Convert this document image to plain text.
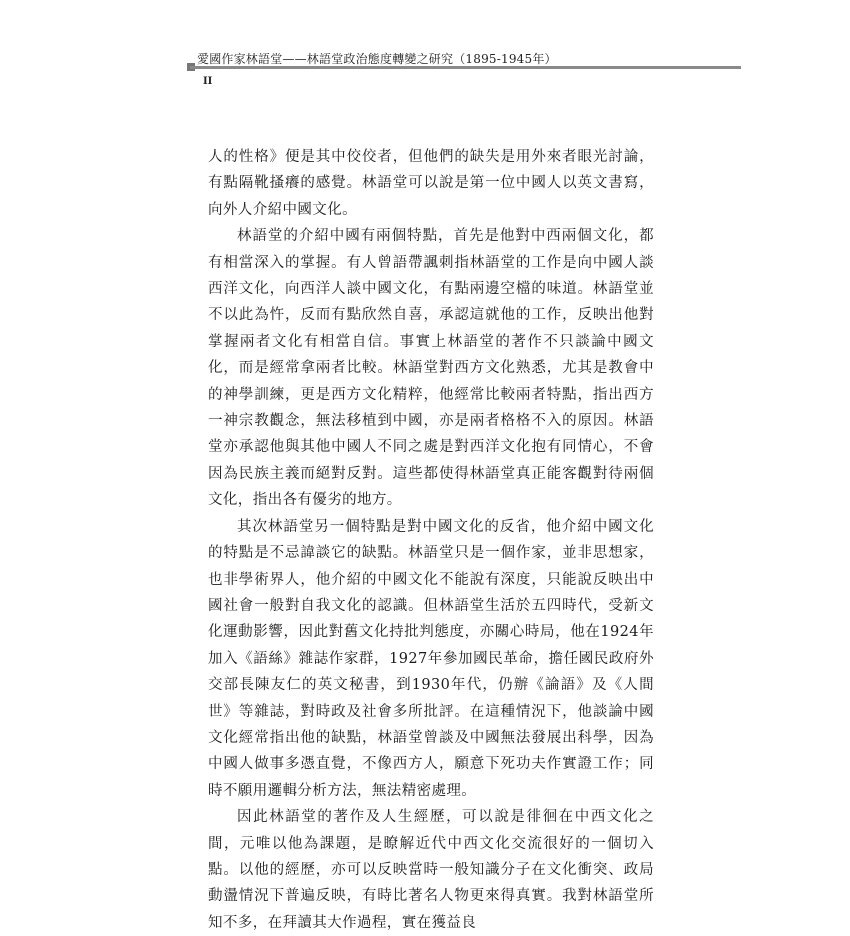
愛國作家林語堂——林語堂政治態度轉變之研究（1895-1945年）
II

人的性格》便是其中佼佼者，但他們的缺失是用外來者眼光討論，有點隔靴搔癢的感覺。林語堂可以說是第一位中國人以英文書寫，向外人介紹中國文化。

林語堂的介紹中國有兩個特點，首先是他對中西兩個文化，都有相當深入的掌握。有人曾語帶諷刺指林語堂的工作是向中國人談西洋文化，向西洋人談中國文化，有點兩邊空檔的味道。林語堂並不以此為忤，反而有點欣然自喜，承認這就他的工作，反映出他對掌握兩者文化有相當自信。事實上林語堂的著作不只談論中國文化，而是經常拿兩者比較。林語堂對西方文化熟悉，尤其是教會中的神學訓練，更是西方文化精粹，他經常比較兩者特點，指出西方一神宗教觀念，無法移植到中國，亦是兩者格格不入的原因。林語堂亦承認他與其他中國人不同之處是對西洋文化抱有同情心，不會因為民族主義而絕對反對。這些都使得林語堂真正能客觀對待兩個文化，指出各有優劣的地方。

其次林語堂另一個特點是對中國文化的反省，他介紹中國文化的特點是不忌諱談它的缺點。林語堂只是一個作家，並非思想家，也非學術界人，他介紹的中國文化不能說有深度，只能說反映出中國社會一般對自我文化的認識。但林語堂生活於五四時代，受新文化運動影響，因此對舊文化持批判態度，亦關心時局，他在1924年加入《語絲》雜誌作家群，1927年參加國民革命，擔任國民政府外交部長陳友仁的英文秘書，到1930年代，仍辦《論語》及《人間世》等雜誌，對時政及社會多所批評。在這種情況下，他談論中國文化經常指出他的缺點，林語堂曾談及中國無法發展出科學，因為中國人做事多憑直覺，不像西方人，願意下死功夫作實證工作；同時不願用邏輯分析方法，無法精密處理。

因此林語堂的著作及人生經歷，可以說是徘徊在中西文化之間，元唯以他為課題，是瞭解近代中西文化交流很好的一個切入點。以他的經歷，亦可以反映當時一般知識分子在文化衝突、政局動盪情況下普遍反映，有時比著名人物更來得真實。我對林語堂所知不多，在拜讀其大作過程，實在獲益良
